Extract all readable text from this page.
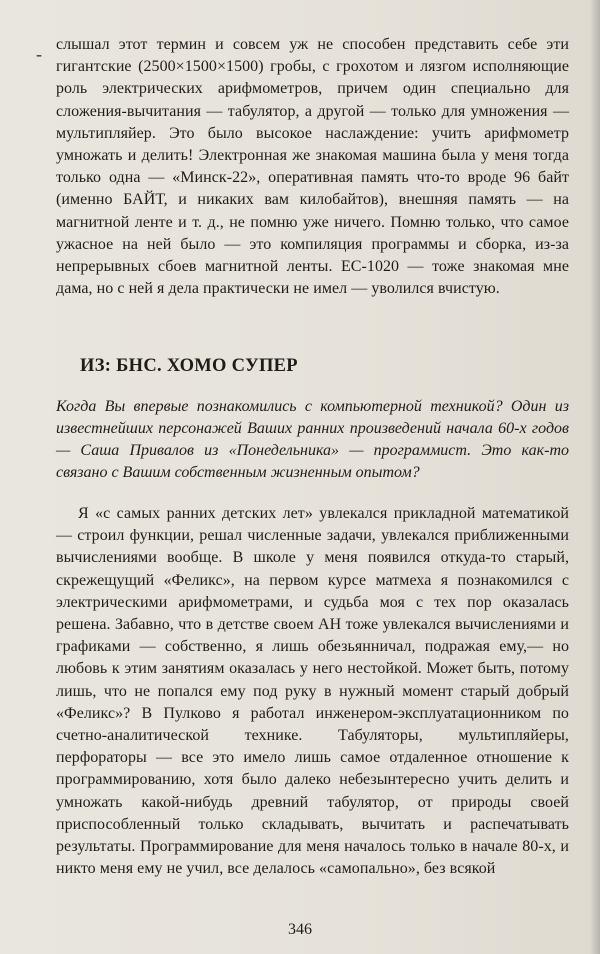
- слышал этот термин и совсем уж не способен представить себе эти гигантские (2500×1500×1500) гробы, с грохотом и лязгом исполняющие роль электрических арифмометров, причем один специально для сложения-вычитания — табулятор, а другой — только для умножения — мультипляйер. Это было высокое наслаждение: учить арифмометр умножать и делить! Электронная же знакомая машина была у меня тогда только одна — «Минск-22», оперативная память что-то вроде 96 байт (именно БАЙТ, и никаких вам килобайтов), внешняя память — на магнитной ленте и т. д., не помню уже ничего. Помню только, что самое ужасное на ней было — это компиляция программы и сборка, из-за непрерывных сбоев магнитной ленты. ЕС-1020 — тоже знакомая мне дама, но с ней я дела практически не имел — уволился вчистую.

ИЗ: БНС. ХОМО СУПЕР
Когда Вы впервые познакомились с компьютерной техникой? Один из известнейших персонажей Ваших ранних произведений начала 60-х годов — Саша Привалов из «Понедельника» — программист. Это как-то связано с Вашим собственным жизненным опытом?

Я «с самых ранних детских лет» увлекался прикладной математикой — строил функции, решал численные задачи, увлекался приближенными вычислениями вообще. В школе у меня появился откуда-то старый, скрежещущий «Феликс», на первом курсе матмеха я познакомился с электрическими арифмометрами, и судьба моя с тех пор оказалась решена. Забавно, что в детстве своем АН тоже увлекался вычислениями и графиками — собственно, я лишь обезьянничал, подражая ему,— но любовь к этим занятиям оказалась у него нестойкой. Может быть, потому лишь, что не попался ему под руку в нужный момент старый добрый «Феликс»? В Пулково я работал инженером-эксплуатационником по счетно-аналитической технике. Табуляторы, мультипляйеры, перфораторы — все это имело лишь самое отдаленное отношение к программированию, хотя было далеко небезынтересно учить делить и умножать какой-нибудь древний табулятор, от природы своей приспособленный только складывать, вычитать и распечатывать результаты. Программирование для меня началось только в начале 80-х, и никто меня ему не учил, все делалось «самопально», без всякой

346
